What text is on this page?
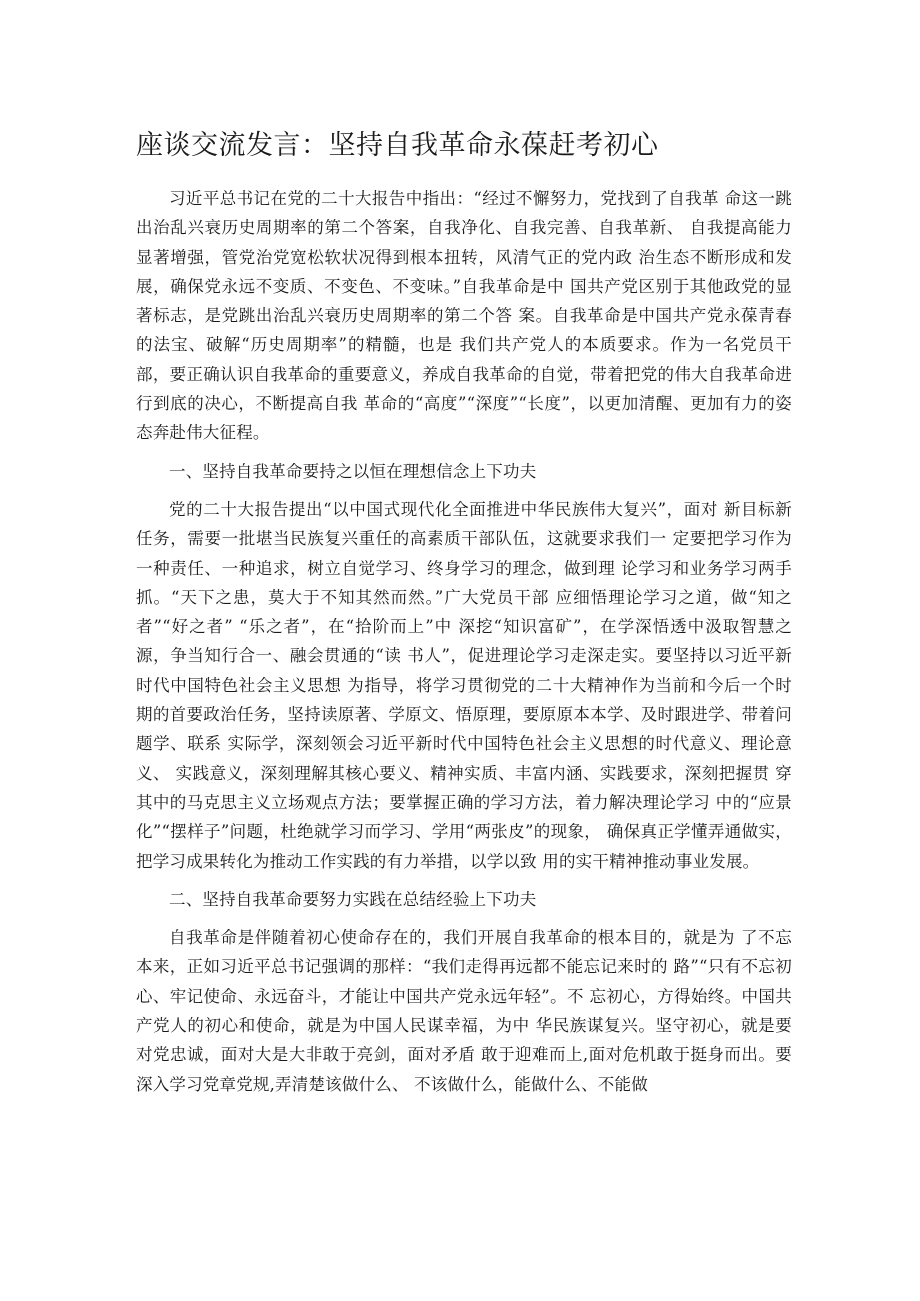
座谈交流发言：坚持自我革命永葆赶考初心

习近平总书记在党的二十大报告中指出：“经过不懈努力，党找到了自我革 命这一跳出治乱兴衰历史周期率的第二个答案，自我净化、自我完善、自我革新、 自我提高能力显著增强，管党治党宽松软状况得到根本扭转，风清气正的党内政 治生态不断形成和发展，确保党永远不变质、不变色、不变味。”自我革命是中 国共产党区别于其他政党的显著标志，是党跳出治乱兴衰历史周期率的第二个答 案。自我革命是中国共产党永葆青春的法宝、破解“历史周期率”的精髓，也是 我们共产党人的本质要求。作为一名党员干部，要正确认识自我革命的重要意义，养成自我革命的自觉，带着把党的伟大自我革命进行到底的决心，不断提高自我 革命的“高度”“深度”“长度”，以更加清醒、更加有力的姿态奔赴伟大征程。

一、坚持自我革命要持之以恒在理想信念上下功夫

党的二十大报告提出“以中国式现代化全面推进中华民族伟大复兴”，面对 新目标新任务，需要一批堪当民族复兴重任的高素质干部队伍，这就要求我们一 定要把学习作为一种责任、一种追求，树立自觉学习、终身学习的理念，做到理 论学习和业务学习两手抓。“天下之患，莫大于不知其然而然。”广大党员干部 应细悟理论学习之道，做“知之者”“好之者” “乐之者”，在“拾阶而上”中 深挖“知识富矿”，在学深悟透中汲取智慧之源，争当知行合一、融会贯通的“读 书人”，促进理论学习走深走实。要坚持以习近平新时代中国特色社会主义思想 为指导，将学习贯彻党的二十大精神作为当前和今后一个时期的首要政治任务，坚持读原著、学原文、悟原理，要原原本本学、及时跟进学、带着问题学、联系 实际学，深刻领会习近平新时代中国特色社会主义思想的时代意义、理论意义、 实践意义，深刻理解其核心要义、精神实质、丰富内涵、实践要求，深刻把握贯 穿其中的马克思主义立场观点方法；要掌握正确的学习方法，着力解决理论学习 中的“应景化”“摆样子”问题，杜绝就学习而学习、学用“两张皮”的现象， 确保真正学懂弄通做实，把学习成果转化为推动工作实践的有力举措，以学以致 用的实干精神推动事业发展。

二、坚持自我革命要努力实践在总结经验上下功夫

自我革命是伴随着初心使命存在的，我们开展自我革命的根本目的，就是为 了不忘本来，正如习近平总书记强调的那样：“我们走得再远都不能忘记来时的 路”“只有不忘初心、牢记使命、永远奋斗，才能让中国共产党永远年轻”。不 忘初心，方得始终。中国共产党人的初心和使命，就是为中国人民谋幸福，为中 华民族谋复兴。坚守初心，就是要对党忠诚，面对大是大非敢于亮剑，面对矛盾 敢于迎难而上,面对危机敢于挺身而出。要深入学习党章党规,弄清楚该做什么、 不该做什么，能做什么、不能做
